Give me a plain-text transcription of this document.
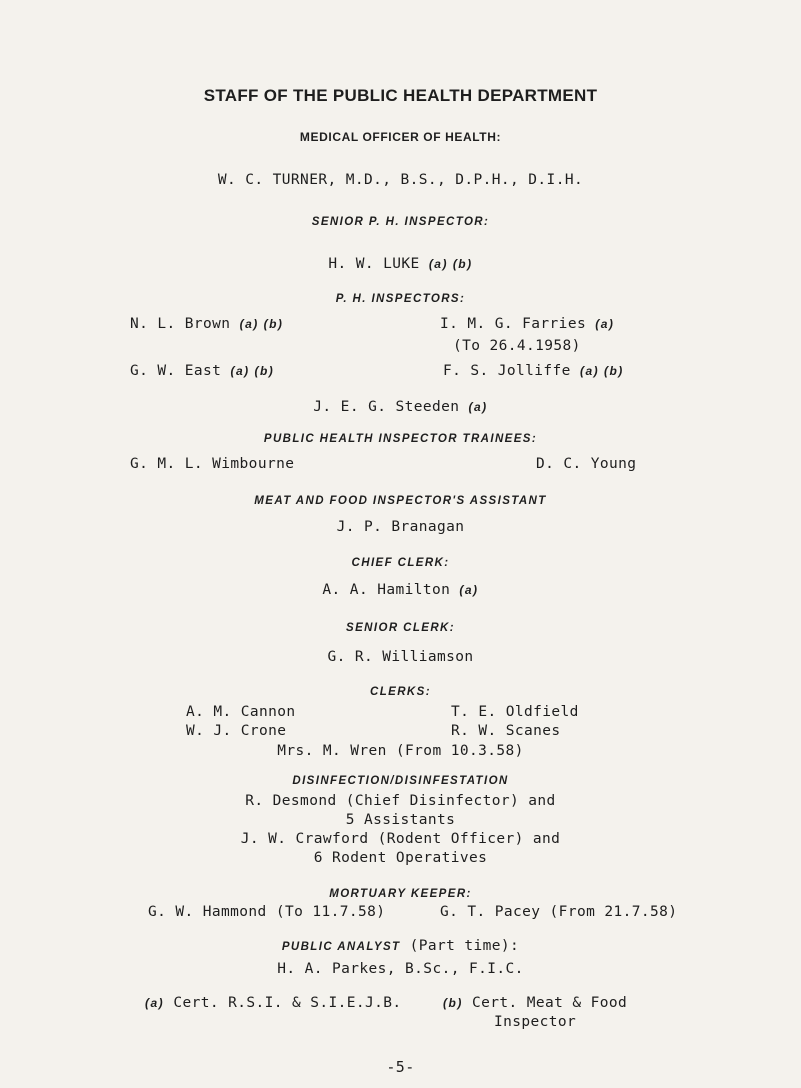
STAFF OF THE PUBLIC HEALTH DEPARTMENT
MEDICAL OFFICER OF HEALTH:
W. C. TURNER, M.D., B.S., D.P.H., D.I.H.
SENIOR P. H. INSPECTOR:
H. W. LUKE (a) (b)
P. H. INSPECTORS:
N. L. Brown (a) (b)	I. M. G. Farries (a)
(To 26.4.1958)
G. W. East (a) (b)	F. S. Jolliffe (a) (b)
J. E. G. Steeden (a)
PUBLIC HEALTH INSPECTOR TRAINEES:
G. M. L. Wimbourne	D. C. Young
MEAT AND FOOD INSPECTOR'S ASSISTANT
J. P. Branagan
CHIEF CLERK:
A. A. Hamilton (a)
SENIOR CLERK:
G. R. Williamson
CLERKS:
A. M. Cannon	T. E. Oldfield
W. J. Crone	R. W. Scanes
Mrs. M. Wren (From 10.3.58)
DISINFECTION/DISINFESTATION
R. Desmond (Chief Disinfector) and
5 Assistants
J. W. Crawford (Rodent Officer) and
6 Rodent Operatives
MORTUARY KEEPER:
G. W. Hammond (To 11.7.58)	G. T. Pacey (From 21.7.58)
PUBLIC ANALYST (Part time):
H. A. Parkes, B.Sc., F.I.C.
(a) Cert. R.S.I. & S.I.E.J.B.	(b) Cert. Meat & Food
Inspector
-5-
